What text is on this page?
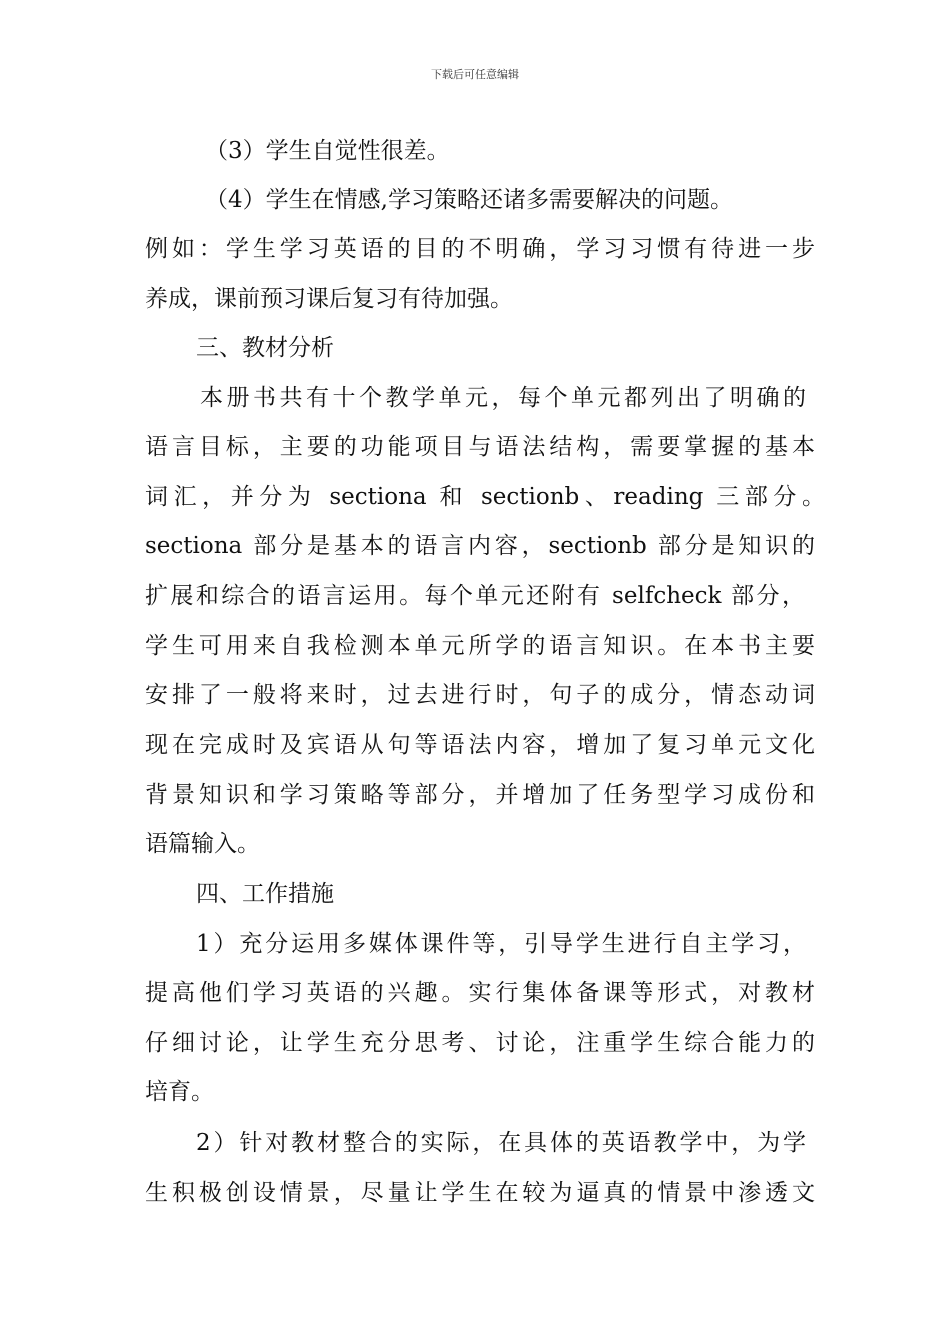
下载后可任意编辑
（3）学生自觉性很差。
（4）学生在情感,学习策略还诸多需要解决的问题。
例如：学生学习英语的目的不明确，学习习惯有待进一步
养成，课前预习课后复习有待加强。
三、教材分析
本册书共有十个教学单元，每个单元都列出了明确的
语言目标，主要的功能项目与语法结构，需要掌握的基本
词汇，并分为 sectiona 和 sectionb、reading 三部分。
sectiona 部分是基本的语言内容，sectionb 部分是知识的
扩展和综合的语言运用。每个单元还附有 selfcheck 部分，
学生可用来自我检测本单元所学的语言知识。在本书主要
安排了一般将来时，过去进行时，句子的成分，情态动词
现在完成时及宾语从句等语法内容，增加了复习单元文化
背景知识和学习策略等部分，并增加了任务型学习成份和
语篇输入。
四、工作措施
1）充分运用多媒体课件等，引导学生进行自主学习，
提高他们学习英语的兴趣。实行集体备课等形式，对教材
仔细讨论，让学生充分思考、讨论，注重学生综合能力的
培育。
2）针对教材整合的实际，在具体的英语教学中，为学
生积极创设情景，尽量让学生在较为逼真的情景中渗透文
